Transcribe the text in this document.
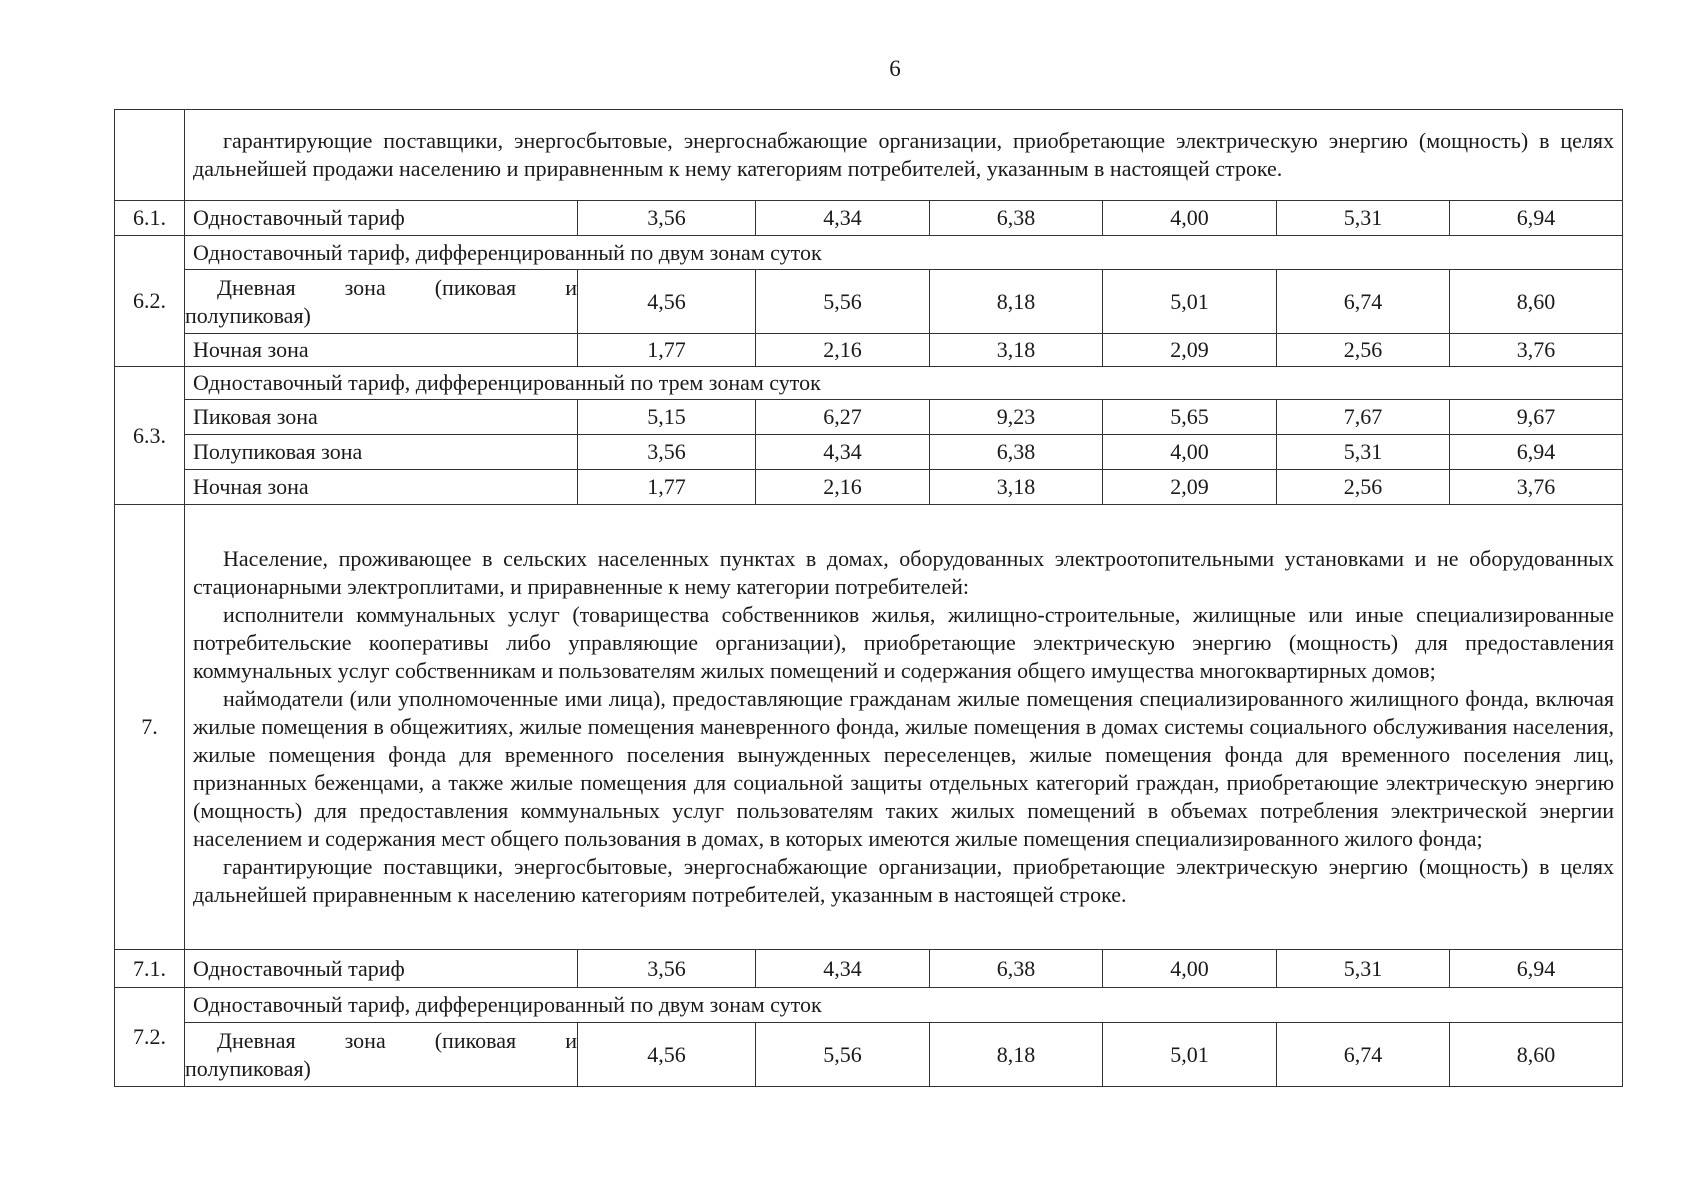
6

	гарантирующие поставщики, энергосбытовые, энергоснабжающие организации, приобретающие электрическую энергию (мощность) в целях дальнейшей продажи населению и приравненным к нему категориям потребителей, указанным в настоящей строке.						

6.1.	Одноставочный тариф	3,56	4,34	6,38	4,00	5,31	6,94
6.2.	Одноставочный тариф, дифференцированный по двум зонам суток						

	Дневная зона (пиковая и
полупиковая)	4,56	5,56	8,18	5,01	6,74	8,60
	Ночная зона	1,77	2,16	3,18	2,09	2,56	3,76
6.3.	Одноставочный тариф, дифференцированный по трем зонам суток						
	Пиковая зона	5,15	6,27	9,23	5,65	7,67	9,67
	Полупиковая зона	3,56	4,34	6,38	4,00	5,31	6,94
	Ночная зона	1,77	2,16	3,18	2,09	2,56	3,76
7.	Население, проживающее в сельских населенных пунктах в домах, оборудованных электроотопительными установками и не оборудованных стационарными электроплитами, и приравненные к нему категории потребителей:

исполнители коммунальных услуг (товарищества собственников жилья, жилищно-строительные, жилищные или иные специализированные потребительские кооперативы либо управляющие организации), приобретающие электрическую энергию (мощность) для предоставления коммунальных услуг собственникам и пользователям жилых помещений и содержания общего имущества многоквартирных домов;

наймодатели (или уполномоченные ими лица), предоставляющие гражданам жилые помещения специализированного жилищного фонда, включая жилые помещения в общежитиях, жилые помещения маневренного фонда, жилые помещения в домах системы социального обслуживания населения, жилые помещения фонда для временного поселения вынужденных переселенцев, жилые помещения фонда для временного поселения лиц, признанных беженцами, а также жилые помещения для социальной защиты отдельных категорий граждан, приобретающие электрическую энергию (мощность) для предоставления коммунальных услуг пользователям таких жилых помещений в объемах потребления электрической энергии населением и содержания мест общего пользования в домах, в которых имеются жилые помещения специализированного жилого фонда;

гарантирующие поставщики, энергосбытовые, энергоснабжающие организации, приобретающие электрическую энергию (мощность) в целях дальнейшей приравненным к населению категориям потребителей, указанным в настоящей строке.						

7.1.	Одноставочный тариф	3,56	4,34	6,38	4,00	5,31	6,94
7.2.	Одноставочный тариф, дифференцированный по двум зонам суток						

	Дневная зона (пиковая и
полупиковая)	4,56	5,56	8,18	5,01	6,74	8,60
